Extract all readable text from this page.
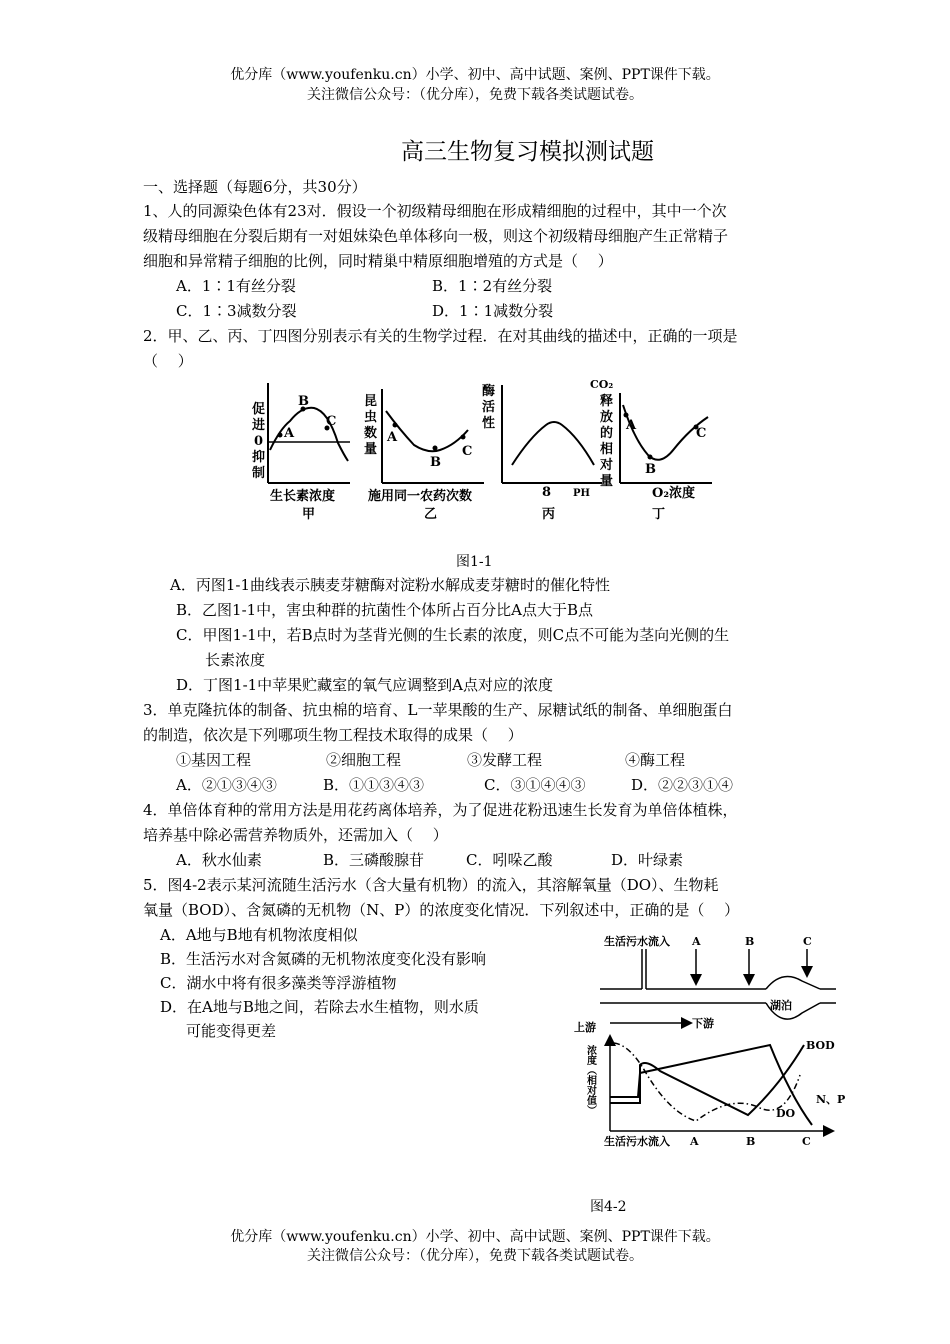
优分库（www.youfenku.cn）小学、初中、高中试题、案例、PPT课件下载。
关注微信公众号：（优分库），免费下载各类试题试卷。
高三生物复习模拟测试题
一、选择题（每题6分，共30分）
1、人的同源染色体有23对．假设一个初级精母细胞在形成精细胞的过程中，其中一个次
级精母细胞在分裂后期有一对姐妹染色单体移向一极，则这个初级精母细胞产生正常精子
细胞和异常精子细胞的比例，同时精巢中精原细胞增殖的方式是（　 ）
A．1∶1有丝分裂	B．1∶2有丝分裂
C．1∶3减数分裂	D．1∶1减数分裂
2．甲、乙、丙、丁四图分别表示有关的生物学过程．在对其曲线的描述中，正确的一项是
（　 ）
A
B
C
促
进
0
抑
制
生长素浓度
甲
A
B
C
昆
虫
数
量
施用同一农药次数
乙
酶
活
性
8 PH
丙
A
B
C
CO₂
释
放
的
相
对
量
O₂浓度
丁
图1-1
A．丙图1-1曲线表示胰麦芽糖酶对淀粉水解成麦芽糖时的催化特性
B．乙图1-1中，害虫种群的抗菌性个体所占百分比A点大于B点
C．甲图1-1中，若B点时为茎背光侧的生长素的浓度，则C点不可能为茎向光侧的生
长素浓度
D．丁图1-1中苹果贮藏室的氧气应调整到A点对应的浓度
3．单克隆抗体的制备、抗虫棉的培育、L一苹果酸的生产、尿糖试纸的制备、单细胞蛋白
的制造，依次是下列哪项生物工程技术取得的成果（　 ）
①基因工程	②细胞工程	③发酵工程	④酶工程
A．②①③④③	B．①①③④③	C．③①④④③	D．②②③①④
4．单倍体育种的常用方法是用花药离体培养，为了促进花粉迅速生长发育为单倍体植株，
培养基中除必需营养物质外，还需加入（　 ）
A．秋水仙素	B．三磷酸腺苷	C．吲哚乙酸	D．叶绿素
5．图4-2表示某河流随生活污水（含大量有机物）的流入，其溶解氧量（DO）、生物耗
氧量（BOD）、含氮磷的无机物（N、P）的浓度变化情况．下列叙述中，正确的是（　 ）
A．A地与B地有机物浓度相似
B．生活污水对含氮磷的无机物浓度变化没有影响
C．湖水中将有很多藻类等浮游植物
D．在A地与B地之间，若除去水生植物，则水质
可能变得更差
生活污水流入
湖泊
A	B	C
上游	下游
浓度（相对值）	BOD
N、P
DO
生活污水流入 A	B	C
图4-2
优分库（www.youfenku.cn）小学、初中、高中试题、案例、PPT课件下载。
关注微信公众号：（优分库），免费下载各类试题试卷。
